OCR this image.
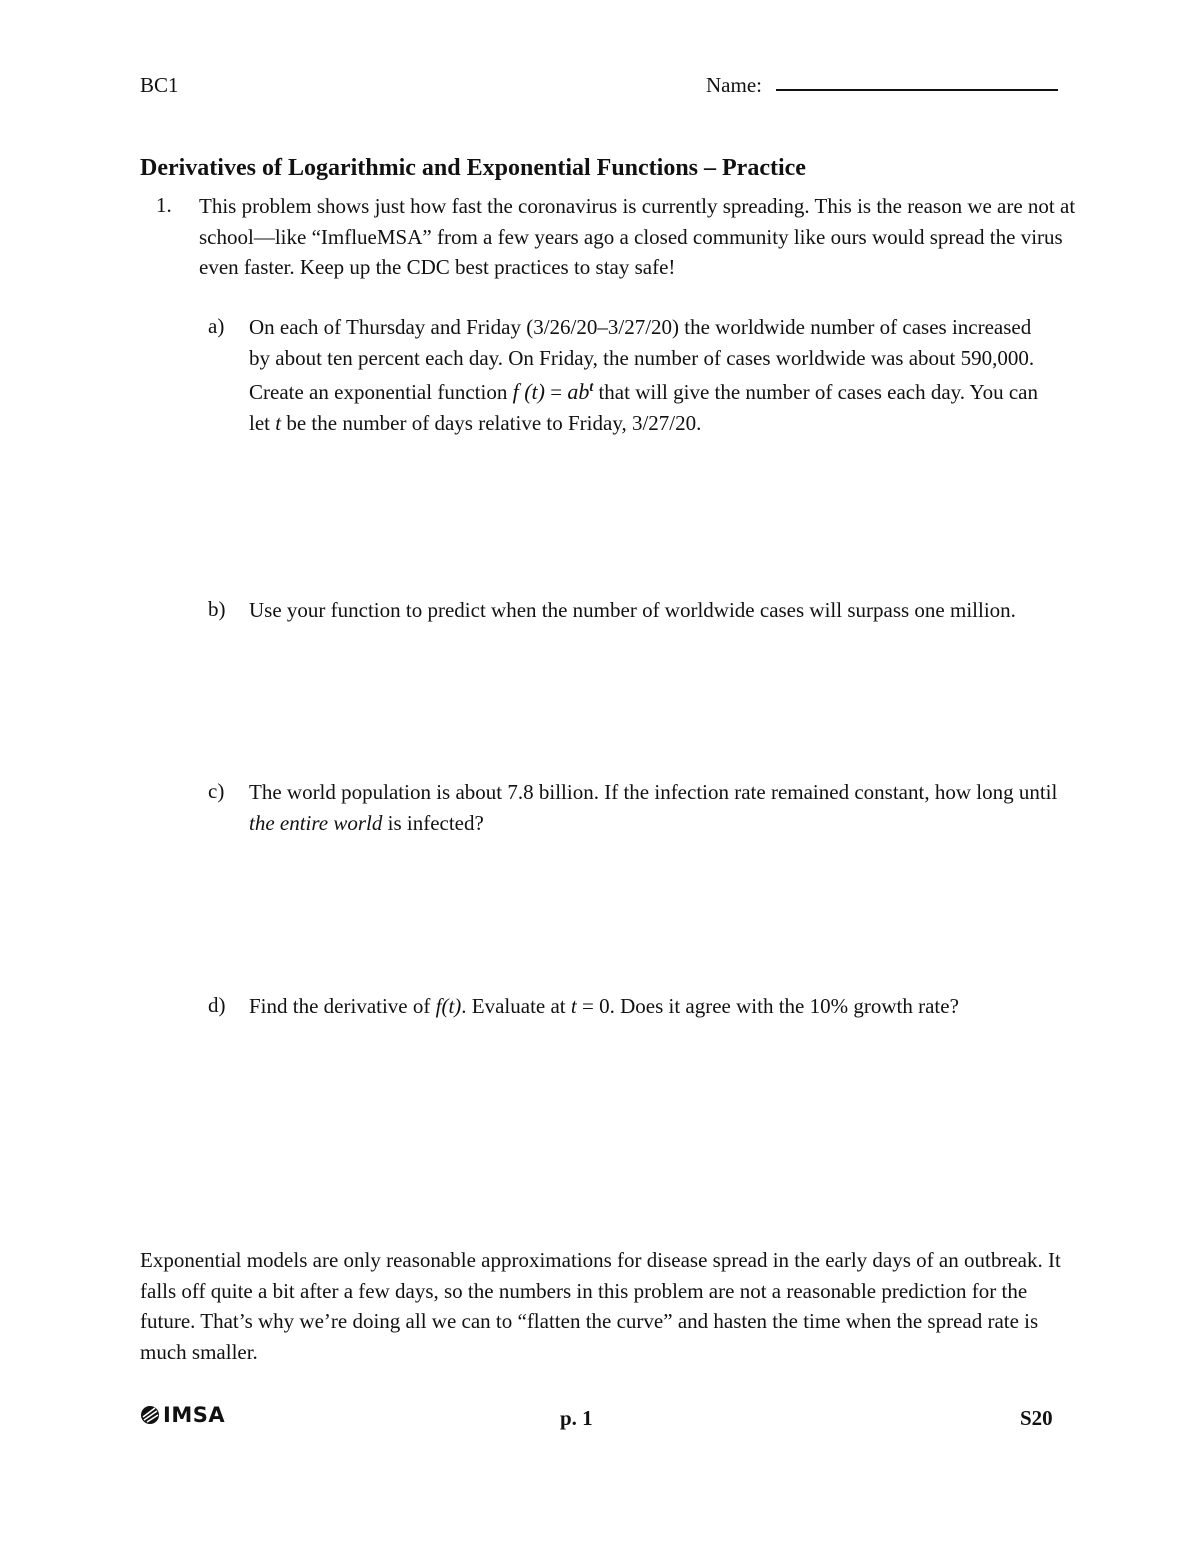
BC1	Name:
Derivatives of Logarithmic and Exponential Functions – Practice
1. This problem shows just how fast the coronavirus is currently spreading. This is the reason we are not at school—like “ImflueMSA” from a few years ago a closed community like ours would spread the virus even faster. Keep up the CDC best practices to stay safe!
a) On each of Thursday and Friday (3/26/20–3/27/20) the worldwide number of cases increased by about ten percent each day. On Friday, the number of cases worldwide was about 590,000. Create an exponential function f $(t) = ab^t$ that will give the number of cases each day. You can let t be the number of days relative to Friday, 3/27/20.
b) Use your function to predict when the number of worldwide cases will surpass one million.
c) The world population is about 7.8 billion. If the infection rate remained constant, how long until the entire world is infected?
d) Find the derivative of f(t). Evaluate at t = 0. Does it agree with the 10% growth rate?
Exponential models are only reasonable approximations for disease spread in the early days of an outbreak. It falls off quite a bit after a few days, so the numbers in this problem are not a reasonable prediction for the future. That’s why we’re doing all we can to “flatten the curve” and hasten the time when the spread rate is much smaller.
IMSA	p. 1	S20
